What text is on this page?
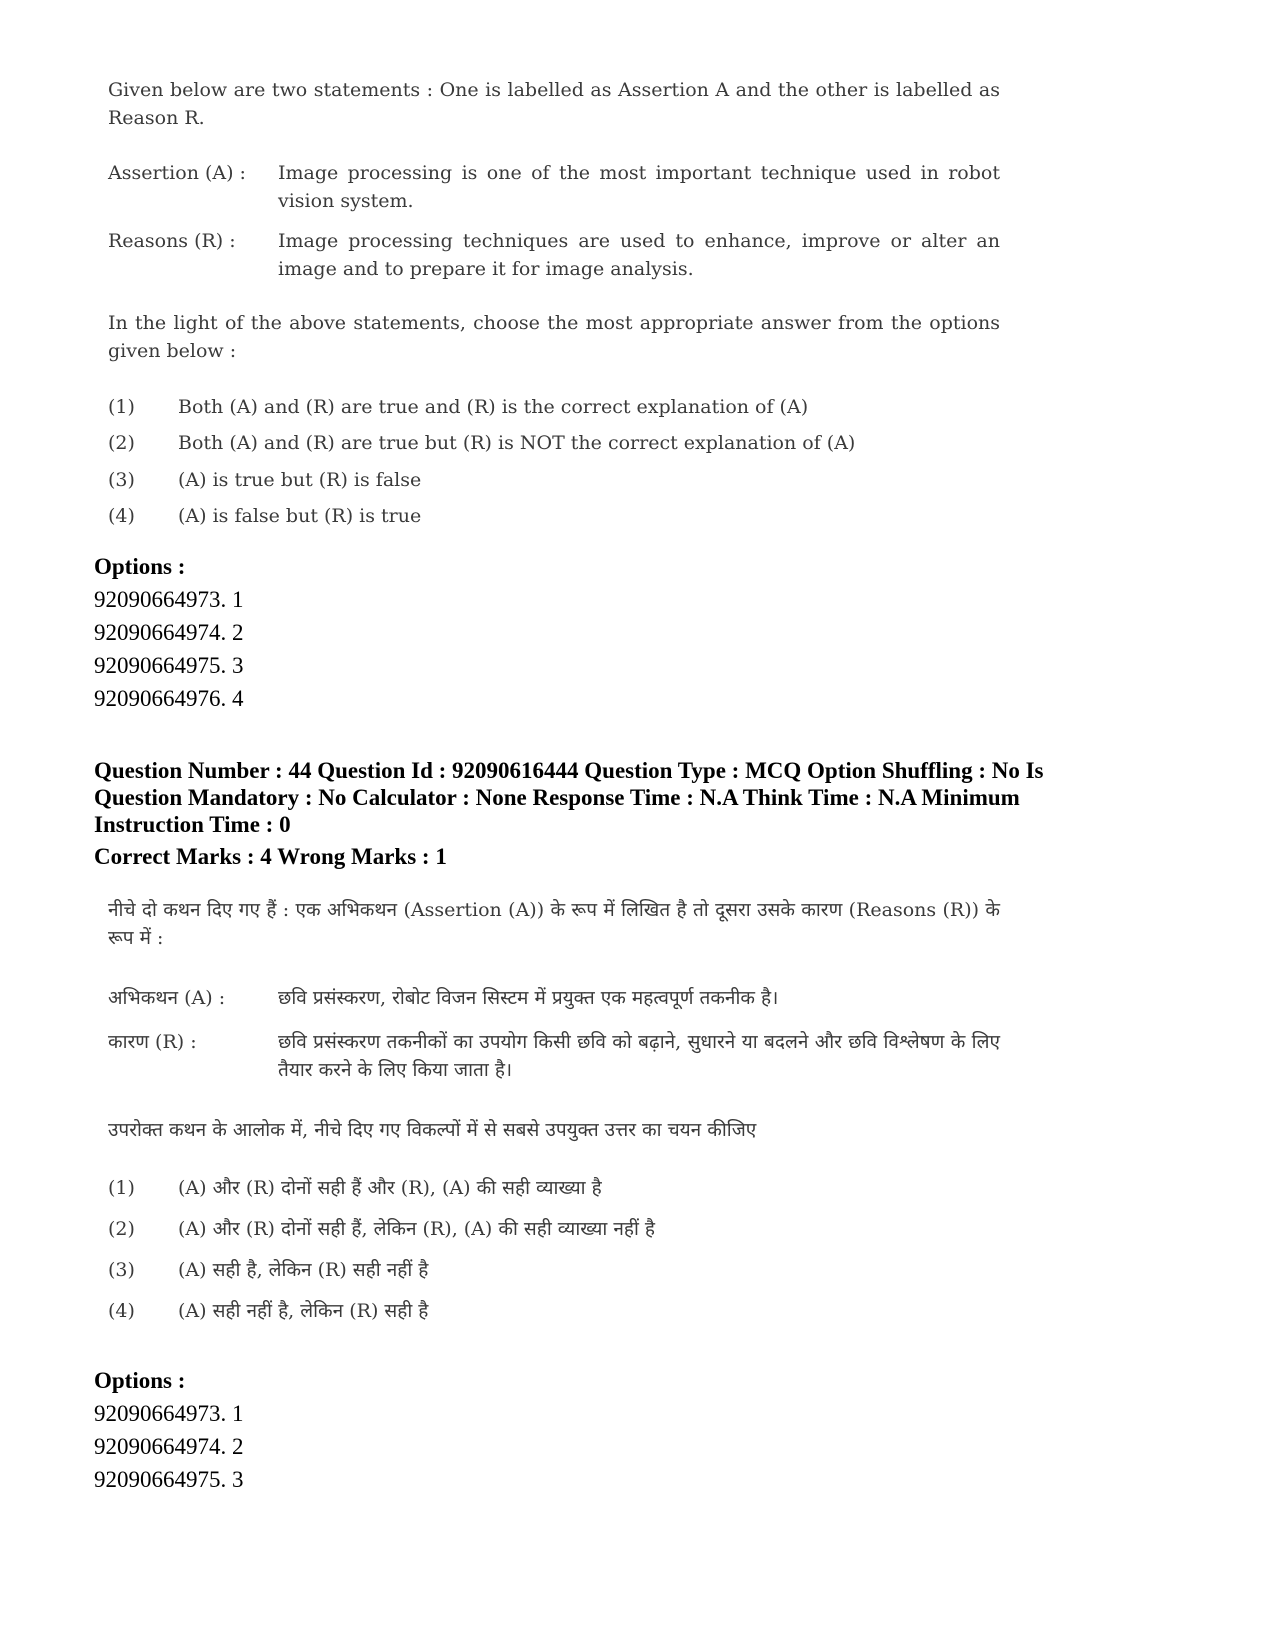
Given below are two statements : One is labelled as Assertion A and the other is labelled as Reason R.

Assertion (A) :	Image processing is one of the most important technique used in robot vision system.
Reasons (R) :	Image processing techniques are used to enhance, improve or alter an image and to prepare it for image analysis.

In the light of the above statements, choose the most appropriate answer from the options given below :

(1)	Both (A) and (R) are true and (R) is the correct explanation of (A)
(2)	Both (A) and (R) are true but (R) is NOT the correct explanation of (A)
(3)	(A) is true but (R) is false
(4)	(A) is false but (R) is true
Options :
92090664973. 1
92090664974. 2
92090664975. 3
92090664976. 4
Question Number : 44 Question Id : 92090616444 Question Type : MCQ Option Shuffling : No Is
Question Mandatory : No Calculator : None Response Time : N.A Think Time : N.A Minimum
Instruction Time : 0
Correct Marks : 4 Wrong Marks : 1

नीचे दो कथन दिए गए हैं : एक अभिकथन (Assertion (A)) के रूप में लिखित है तो दूसरा उसके कारण (Reasons (R)) के रूप में :

अभिकथन (A) :	छवि प्रसंस्करण, रोबोट विजन सिस्टम में प्रयुक्त एक महत्वपूर्ण तकनीक है।
कारण (R) :	छवि प्रसंस्करण तकनीकों का उपयोग किसी छवि को बढ़ाने, सुधारने या बदलने और छवि विश्लेषण के लिए तैयार करने के लिए किया जाता है।

उपरोक्त कथन के आलोक में, नीचे दिए गए विकल्पों में से सबसे उपयुक्त उत्तर का चयन कीजिए

(1)	(A) और (R) दोनों सही हैं और (R), (A) की सही व्याख्या है
(2)	(A) और (R) दोनों सही हैं, लेकिन (R), (A) की सही व्याख्या नहीं है
(3)	(A) सही है, लेकिन (R) सही नहीं है
(4)	(A) सही नहीं है, लेकिन (R) सही है
Options :
92090664973. 1
92090664974. 2
92090664975. 3
